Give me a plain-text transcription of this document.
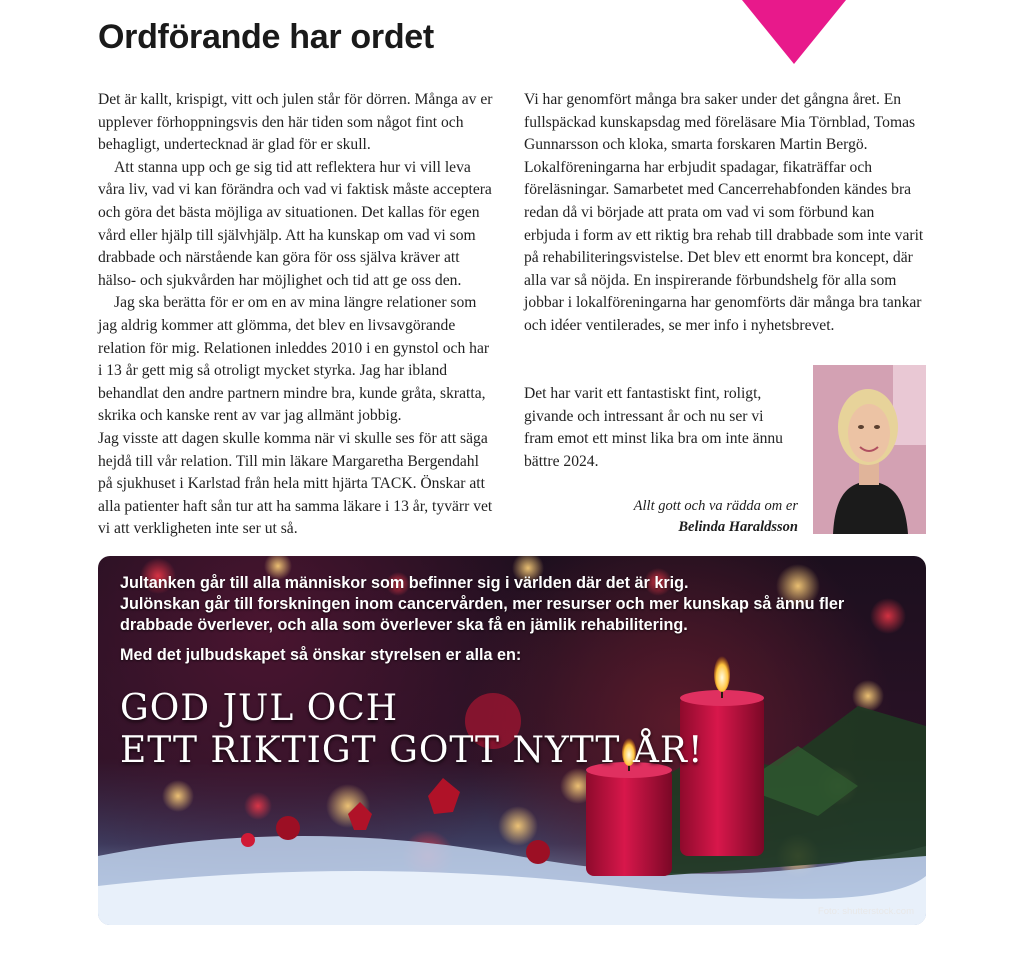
Ordförande har ordet

Det är kallt, krispigt, vitt och julen står för dörren. Många av er upplever förhoppningsvis den här tiden som något fint och behagligt, undertecknad är glad för er skull.

Att stanna upp och ge sig tid att reflektera hur vi vill leva våra liv, vad vi kan förändra och vad vi faktisk måste acceptera och göra det bästa möjliga av situationen. Det kallas för egen vård eller hjälp till självhjälp. Att ha kunskap om vad vi som drabbade och närstående kan göra för oss själva kräver att hälso- och sjukvården har möjlighet och tid att ge oss den.

Jag ska berätta för er om en av mina längre relationer som jag aldrig kommer att glömma, det blev en livsavgörande relation för mig. Relationen inleddes 2010 i en gynstol och har i 13 år gett mig så otroligt mycket styrka. Jag har ibland behandlat den andre partnern mindre bra, kunde gråta, skratta, skrika och kanske rent av var jag allmänt jobbig.

Jag visste att dagen skulle komma när vi skulle ses för att säga hejdå till vår relation. Till min läkare Margaretha Bergendahl på sjukhuset i Karlstad från hela mitt hjärta TACK. Önskar att alla patienter haft sån tur att ha samma läkare i 13 år, tyvärr vet vi att verkligheten inte ser ut så.

Vi har genomfört många bra saker under det gångna året. En fullspäckad kunskapsdag med föreläsare Mia Törnblad, Tomas Gunnarsson och kloka, smarta forskaren Martin Bergö. Lokalföreningarna har erbjudit spadagar, fikaträffar och föreläsningar. Samarbetet med Cancerrehabfonden kändes bra redan då vi började att prata om vad vi som förbund kan erbjuda i form av ett riktig bra rehab till drabbade som inte varit på rehabiliteringsvistelse. Det blev ett enormt bra koncept, där alla var så nöjda. En inspirerande förbundshelg för alla som jobbar i lokalföreningarna har genomförts där många bra tankar och idéer ventilerades, se mer info i nyhetsbrevet.

Det har varit ett fantastiskt fint, roligt, givande och intressant år och nu ser vi fram emot ett minst lika bra om inte ännu bättre 2024.

Allt gott och va rädda om er
Belinda Haraldsson

Jultanken går till alla människor som befinner sig i världen där det är krig.

Julönskan går till forskningen inom cancervården, mer resurser och mer kunskap så ännu fler drabbade överlever, och alla som överlever ska få en jämlik rehabilitering.

Med det julbudskapet så önskar styrelsen er alla en:

GOD JUL OCH
ETT RIKTIGT GOTT NYTT ÅR!
Foto: shutterstock.com
